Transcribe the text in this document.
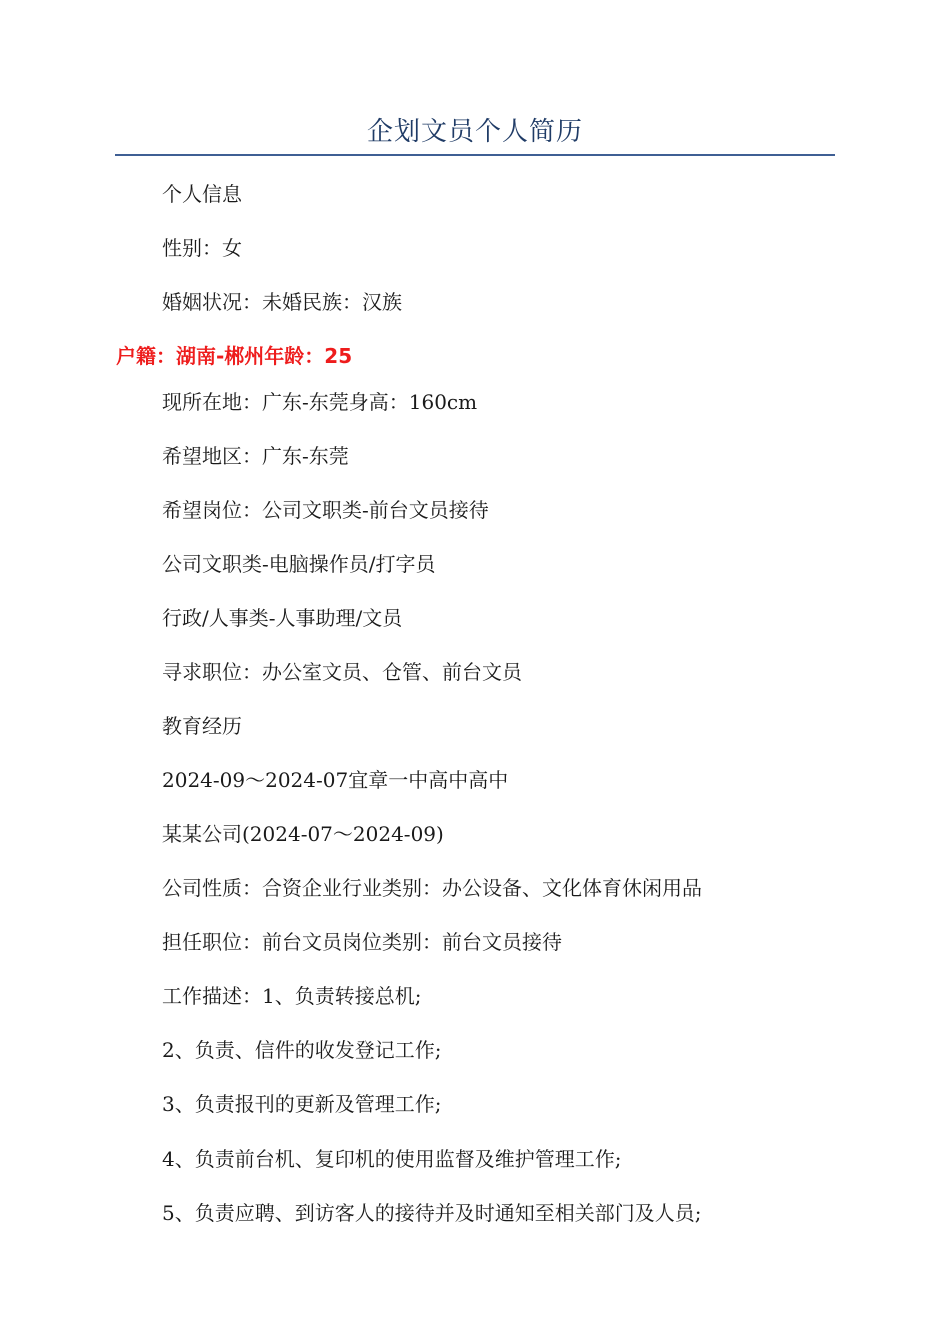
企划文员个人简历
个人信息
性别：女
婚姻状况：未婚民族：汉族
户籍：湖南-郴州年龄：25
现所在地：广东-东莞身高：160cm
希望地区：广东-东莞
希望岗位：公司文职类-前台文员接待
公司文职类-电脑操作员/打字员
行政/人事类-人事助理/文员
寻求职位：办公室文员、仓管、前台文员
教育经历
2024-09～2024-07宜章一中高中高中
某某公司(2024-07～2024-09)
公司性质：合资企业行业类别：办公设备、文化体育休闲用品
担任职位：前台文员岗位类别：前台文员接待
工作描述：1、负责转接总机;
2、负责、信件的收发登记工作;
3、负责报刊的更新及管理工作;
4、负责前台机、复印机的使用监督及维护管理工作;
5、负责应聘、到访客人的接待并及时通知至相关部门及人员;
